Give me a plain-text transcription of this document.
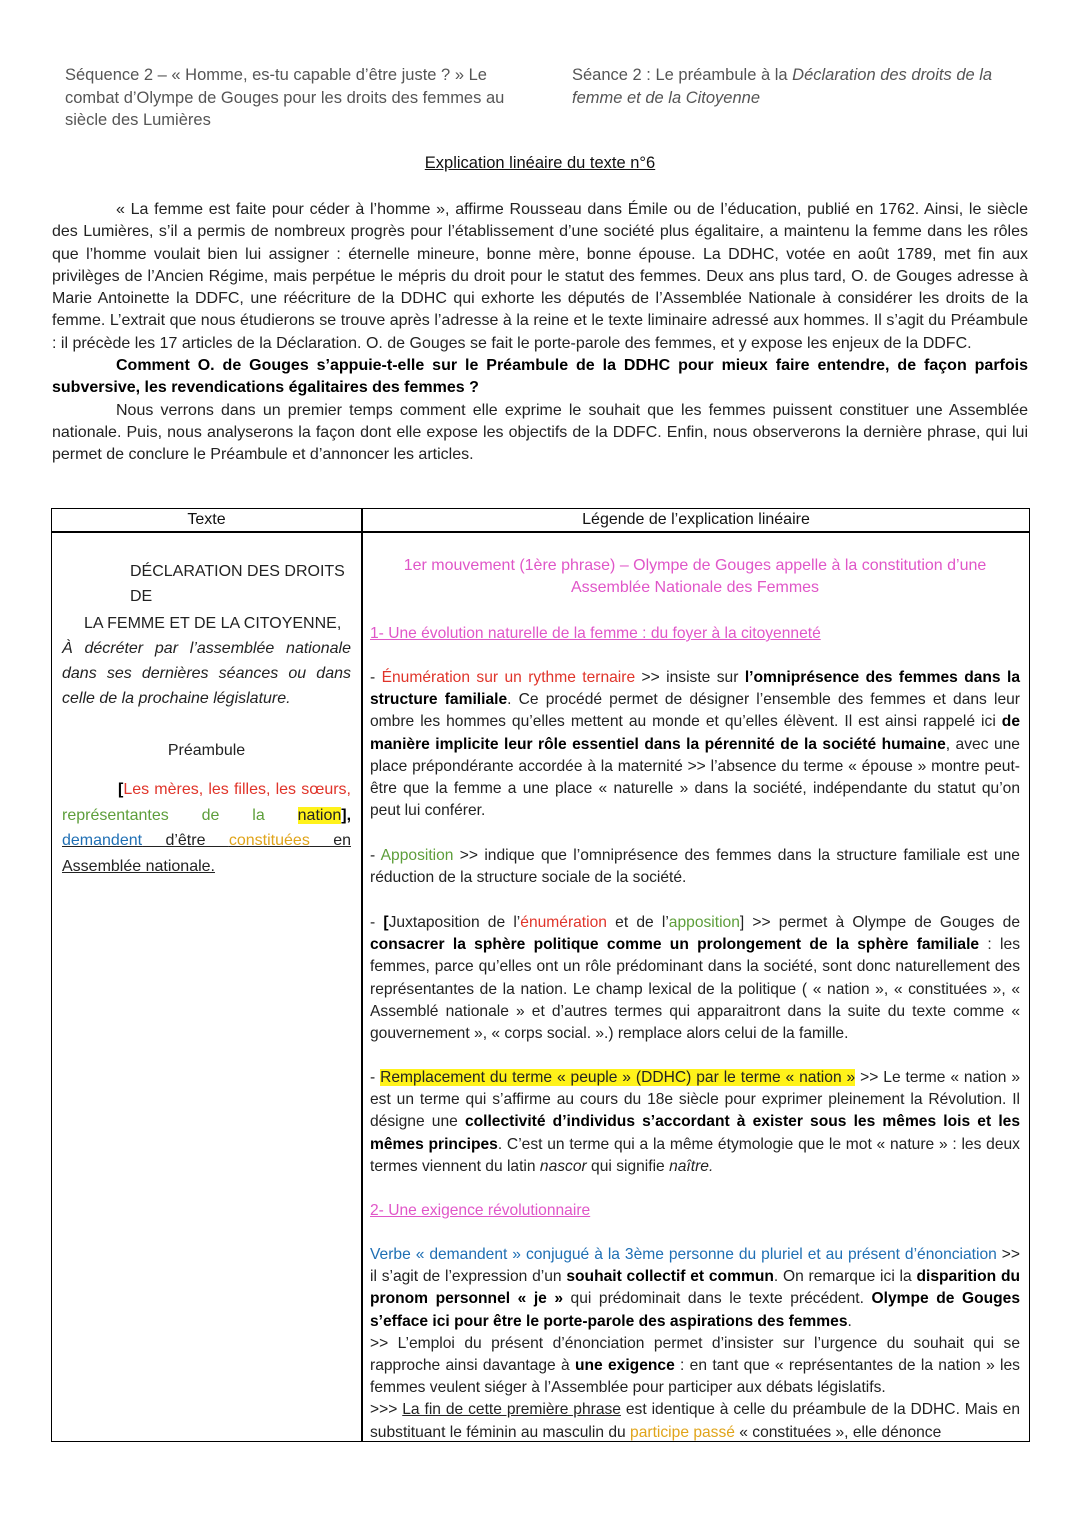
Séquence 2 – « Homme, es-tu capable d’être juste ? » Le combat d’Olympe de Gouges pour les droits des femmes au siècle des Lumières
Séance 2 : Le préambule à la Déclaration des droits de la femme et de la Citoyenne
Explication linéaire du texte n°6

« La femme est faite pour céder à l’homme », affirme Rousseau dans Émile ou de l’éducation, publié en 1762. Ainsi, le siècle des Lumières, s’il a permis de nombreux progrès pour l’établissement d’une société plus égalitaire, a maintenu la femme dans les rôles que l’homme voulait bien lui assigner : éternelle mineure, bonne mère, bonne épouse. La DDHC, votée en août 1789, met fin aux privilèges de l’Ancien Régime, mais perpétue le mépris du droit pour le statut des femmes. Deux ans plus tard, O. de Gouges adresse à Marie Antoinette la DDFC, une réécriture de la DDHC qui exhorte les députés de l’Assemblée Nationale à considérer les droits de la femme. L’extrait que nous étudierons se trouve après l’adresse à la reine et le texte liminaire adressé aux hommes. Il s’agit du Préambule : il précède les 17 articles de la Déclaration. O. de Gouges se fait le porte-parole des femmes, et y expose les enjeux de la DDFC.

Comment O. de Gouges s’appuie-t-elle sur le Préambule de la DDHC pour mieux faire entendre, de façon parfois subversive, les revendications égalitaires des femmes ?

Nous verrons dans un premier temps comment elle exprime le souhait que les femmes puissent constituer une Assemblée nationale. Puis, nous analyserons la façon dont elle expose les objectifs de la DDFC. Enfin, nous observerons la dernière phrase, qui lui permet de conclure le Préambule et d’annoncer les articles.

Texte	Légende de l’explication linéaire
DÉCLARATION DES DROITS DE
LA FEMME ET DE LA CITOYENNE,
À décréter par l’assemblée nationale dans ses dernières séances ou dans celle de la prochaine législature.
Préambule
[Les mères, les filles, les sœurs,
représentantes de la nation],
demandent d’être constituées en
Assemblée nationale.
1er mouvement (1ère phrase) – Olympe de Gouges appelle à la constitution d’une Assemblée Nationale des Femmes
1- Une évolution naturelle de la femme : du foyer à la citoyenneté

- Énumération sur un rythme ternaire >> insiste sur l’omniprésence des femmes dans la structure familiale. Ce procédé permet de désigner l’ensemble des femmes et dans leur ombre les hommes qu’elles mettent au monde et qu’elles élèvent. Il est ainsi rappelé ici de manière implicite leur rôle essentiel dans la pérennité de la société humaine, avec une place prépondérante accordée à la maternité >> l’absence du terme « épouse » montre peut-être que la femme a une place « naturelle » dans la société, indépendante du statut qu’on peut lui conférer.

- Apposition >> indique que l’omniprésence des femmes dans la structure familiale est une réduction de la structure sociale de la société.

- [Juxtaposition de l’énumération et de l’apposition] >> permet à Olympe de Gouges de consacrer la sphère politique comme un prolongement de la sphère familiale : les femmes, parce qu’elles ont un rôle prédominant dans la société, sont donc naturellement des représentantes de la nation. Le champ lexical de la politique ( « nation », « constituées », « Assemblé nationale » et d’autres termes qui apparaitront dans la suite du texte comme « gouvernement », « corps social. ».) remplace alors celui de la famille.

- Remplacement du terme « peuple » (DDHC) par le terme « nation » >> Le terme « nation » est un terme qui s’affirme au cours du 18e siècle pour exprimer pleinement la Révolution. Il désigne une collectivité d’individus s’accordant à exister sous les mêmes lois et les mêmes principes. C’est un terme qui a la même étymologie que le mot « nature » : les deux termes viennent du latin nascor qui signifie naître.

2- Une exigence révolutionnaire

Verbe « demandent » conjugué à la 3ème personne du pluriel et au présent d’énonciation >> il s’agit de l’expression d’un souhait collectif et commun. On remarque ici la disparition du pronom personnel « je » qui prédominait dans le texte précédent. Olympe de Gouges s’efface ici pour être le porte-parole des aspirations des femmes.

>> L’emploi du présent d’énonciation permet d’insister sur l’urgence du souhait qui se rapproche ainsi davantage à une exigence : en tant que « représentantes de la nation » les femmes veulent siéger à l’Assemblée pour participer aux débats législatifs.

>>> La fin de cette première phrase est identique à celle du préambule de la DDHC. Mais en substituant le féminin au masculin du participe passé « constituées », elle dénonce
